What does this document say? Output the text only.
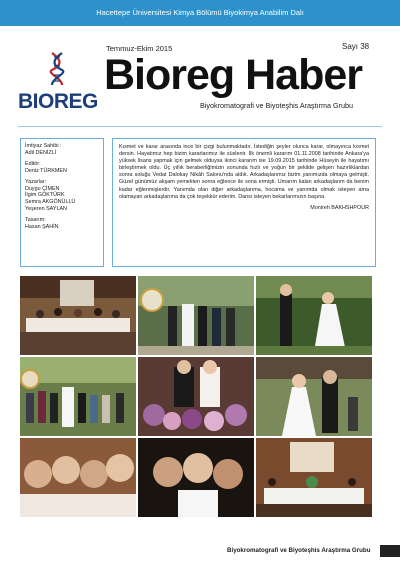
Hacettepe Üniversitesi Kimya Bölümü Biyokimya Anabilim Dalı
BIOREG
Temmuz-Ekim 2015	Sayı 38
Bioreg Haber
Biyokromatografi ve Biyoteşhis Araştırma Grubu
İmtiyaz Sahibi :
Adil DENİZLİ
Editör:
Deniz TÜRKMEN
Yazarlar:
Duygu ÇİMEN
İlgim GÖKTÜRK
Semra AKGÖNÜLLÜ
Yeşeren SAYLAN
Tasarım:
Hasan ŞAHİN
Kısmet ve karar arasında ince bir çizgi bulunmaktadır. İstediğin şeyler olunca karar, olmayınca kısmet dersin. Hayatımız hep bizim kararlarımız ile süslenir. İlk önemli kararım 01.11.2008 tarihinde Ankara'ya yüksek lisans yapmak için gelmek olduysa ikinci kararım ise 19.09.2015 tarihinde Hüseyin ile hayatımı birleştirmek oldu. Üç yıllık beraberliğimizin sonunda hızlı ve yoğun bir şekilde gelişen hazırlıklardan sonra soluğu Vedat Dalokay Nikâh Salonu'nda aldık. Arkadaşlarımız bizim yanımızda olmaya gelmişti. Güzel günümüz akşam yemekten sonra eğlence ile sona ermişti. Umarım kalan arkadaşlarım da benim kadar eğlenmişlerdir. Yanımda olan diğer arkadaşlarıma, hocama ve yanımda olmak isteyen ama olamayan arkadaşlarıma da çok teşekkür ederim. Dansı isteyen bekarlarımızın başına.
Monireh BAKHSHPOUR
Biyokromatografi ve Biyoteşhis Araştırma Grubu
